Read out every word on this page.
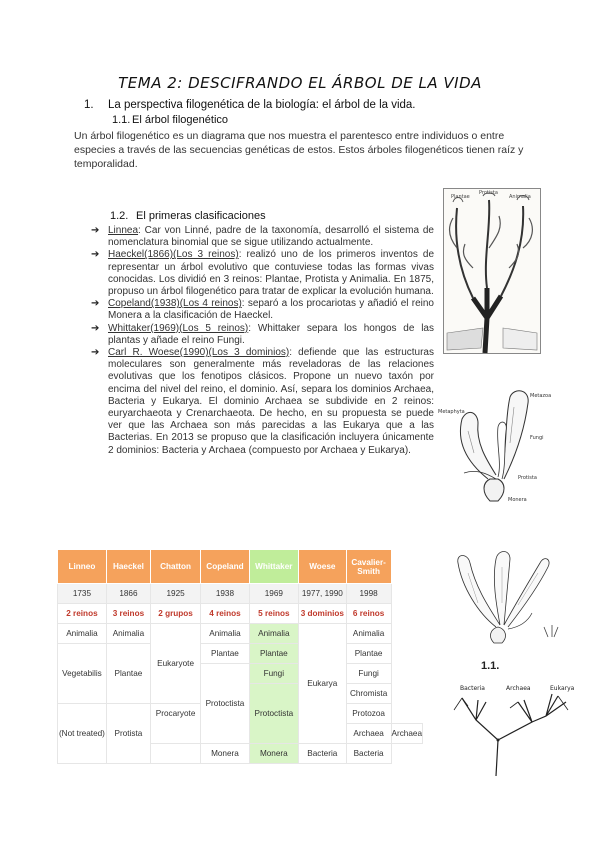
TEMA 2: DESCIFRANDO EL ÁRBOL DE LA VIDA
1. La perspectiva filogenética de la biología: el árbol de la vida.
1.1. El árbol filogenético

Un árbol filogenético es un diagrama que nos muestra el parentesco entre individuos o entre especies a través de las secuencias genéticas de estos. Estos árboles filogenéticos tienen raíz y temporalidad.

1.2. El primeras clasificaciones
➔ Linnea: Car von Linné, padre de la taxonomía, desarrolló el sistema de nomenclatura binomial que se sigue utilizando actualmente.
➔ Haeckel(1866)(Los 3 reinos): realizó uno de los primeros inventos de representar un árbol evolutivo que contuviese todas las formas vivas conocidas. Los dividió en 3 reinos: Plantae, Protista y Animalia. En 1875, propuso un árbol filogenético para tratar de explicar la evolución humana.
➔ Copeland(1938)(Los 4 reinos): separó a los procariotas y añadió el reino Monera a la clasificación de Haeckel.
➔ Whittaker(1969)(Los 5 reinos): Whittaker separa los hongos de las plantas y añade el reino Fungi.
➔ Carl R. Woese(1990)(Los 3 dominios): defiende que las estructuras moleculares son generalmente más reveladoras de las relaciones evolutivas que los fenotipos clásicos. Propone un nuevo taxón por encima del nivel del reino, el dominio. Así, separa los dominios Archaea, Bacteria y Eukarya. El dominio Archaea se subdivide en 2 reinos: euryarchaeota y Crenarchaeota. De hecho, en su propuesta se puede ver que las Archaea son más parecidas a las Eukarya que a las Bacterias. En 2013 se propuso que la clasificación incluyera únicamente 2 dominios: Bacteria y Archaea (compuesto por Archaea y Eukarya).
Plantae
Protista
Animalia
Metaphyta
Metazoa
Fungi
Protista
Monera
1.1.
Bacteria	Archaea	Eukarya
Linneo	Haeckel	Chatton	Copeland	Whittaker	Woese	Cavalier-Smith	
1735	1866	1925	1938	1969	1977, 1990	1998	
2 reinos	3 reinos	2 grupos	4 reinos	5 reinos	3 dominios	6 reinos	
Animalia	Animalia	Eukaryote	Animalia	Animalia	Eukarya	Animalia	
Vegetabilis	Plantae		Plantae	Plantae		Plantae	
			Protoctista	Fungi		Fungi	
				Protoctista		Chromista	
(Not treated)	Protista	Procaryote				Protozoa	
						Archaea	Archaea
			Monera	Monera	Bacteria	Bacteria	
